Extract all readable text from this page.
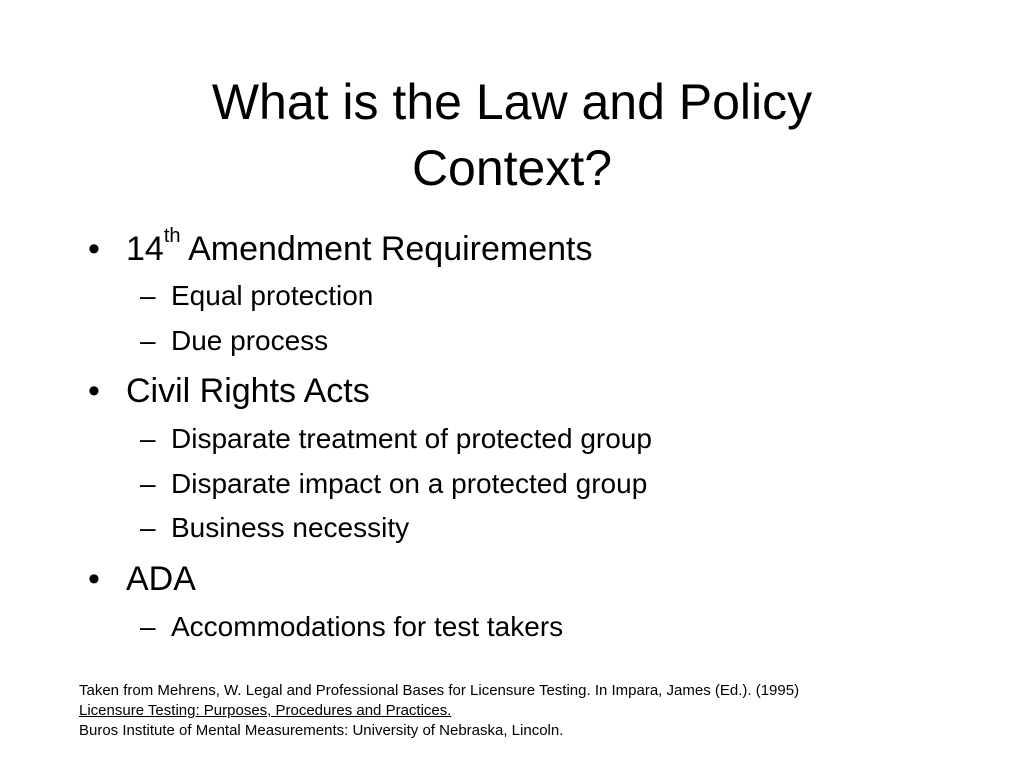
What is the Law and Policy
Context?
• 14th Amendment Requirements
– Equal protection
– Due process
• Civil Rights Acts
– Disparate treatment of protected group
– Disparate impact on a protected group
– Business necessity
• ADA
– Accommodations for test takers
Taken from Mehrens, W. Legal and Professional Bases for Licensure Testing. In Impara, James (Ed.). (1995)
Licensure Testing: Purposes, Procedures and Practices.
Buros Institute of Mental Measurements: University of Nebraska, Lincoln.
